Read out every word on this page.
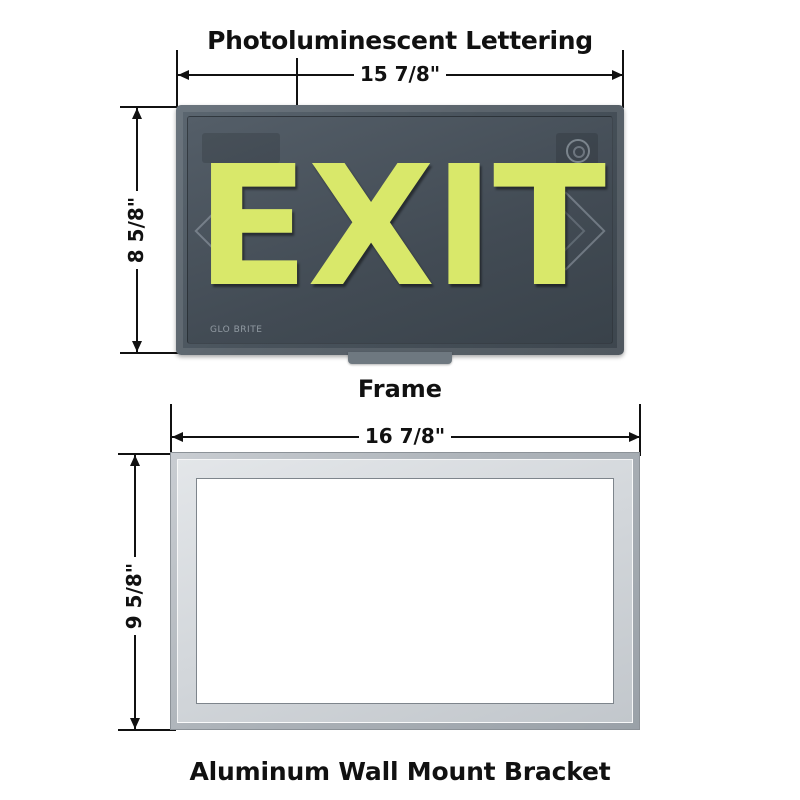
Photoluminescent Lettering
15 7/8"
8 5/8" EXIT
GLO BRITE
Frame
16 7/8"
9 5/8"
Aluminum Wall Mount Bracket
